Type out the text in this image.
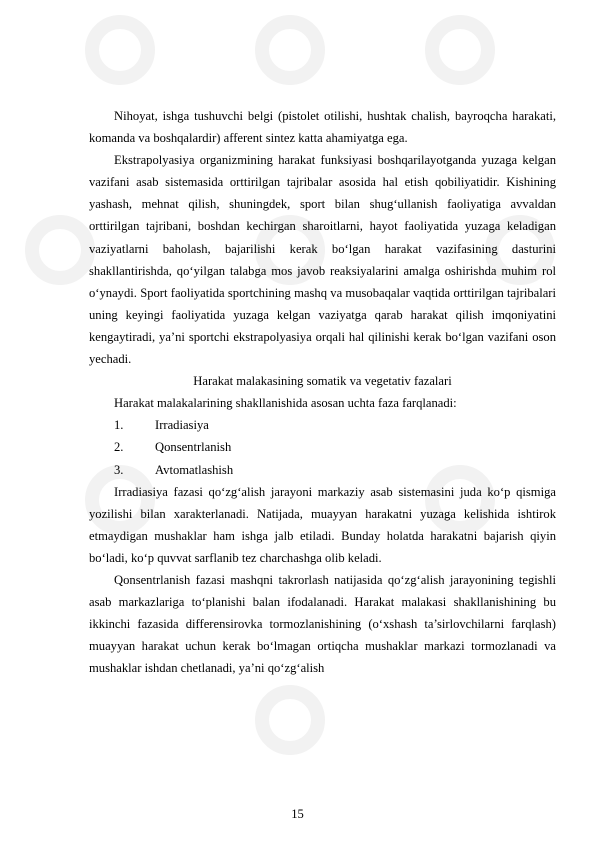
Nihoyat, ishga tushuvchi belgi (pistolet otilishi, hushtak chalish, bayroqcha harakati, komanda va boshqalardir) afferent sintez katta ahamiyatga ega.

Ekstrapolyasiya organizmining harakat funksiyasi boshqarilayotganda yuzaga kelgan vazifani asab sistemasida orttirilgan tajribalar asosida hal etish qobiliyatidir. Kishining yashash, mehnat qilish, shuningdek, sport bilan shug‘ullanish faoliyatiga avvaldan orttirilgan tajribani, boshdan kechirgan sharoitlarni, hayot faoliyatida yuzaga keladigan vaziyatlarni baholash, bajarilishi kerak bo‘lgan harakat vazifasining dasturini shakllantirishda, qo‘yilgan talabga mos javob reaksiyalarini amalga oshirishda muhim rol o‘ynaydi. Sport faoliyatida sportchining mashq va musobaqalar vaqtida orttirilgan tajribalari uning keyingi faoliyatida yuzaga kelgan vaziyatga qarab harakat qilish imqoniyatini kengaytiradi, ya’ni sportchi ekstrapolyasiya orqali hal qilinishi kerak bo‘lgan vazifani oson yechadi.

Harakat malakasining somatik va vegetativ fazalari

Harakat malakalarining shakllanishida asosan uchta faza farqlanadi:

1.	Irradiasiya
2.	Qonsentrlanish
3.	Avtomatlashish

Irradiasiya fazasi qo‘zg‘alish jarayoni markaziy asab sistemasini juda ko‘p qismiga yozilishi bilan xarakterlanadi. Natijada, muayyan harakatni yuzaga kelishida ishtirok etmaydigan mushaklar ham ishga jalb etiladi. Bunday holatda harakatni bajarish qiyin bo‘ladi, ko‘p quvvat sarflanib tez charchashga olib keladi.

Qonsentrlanish fazasi mashqni takrorlash natijasida qo‘zg‘alish jarayonining tegishli asab markazlariga to‘planishi balan ifodalanadi. Harakat malakasi shakllanishining bu ikkinchi fazasida differensirovka tormozlanishining (o‘xshash ta’sirlovchilarni farqlash) muayyan harakat uchun kerak bo‘lmagan ortiqcha mushaklar markazi tormozlanadi va mushaklar ishdan chetlanadi, ya’ni qo‘zg‘alish

15
